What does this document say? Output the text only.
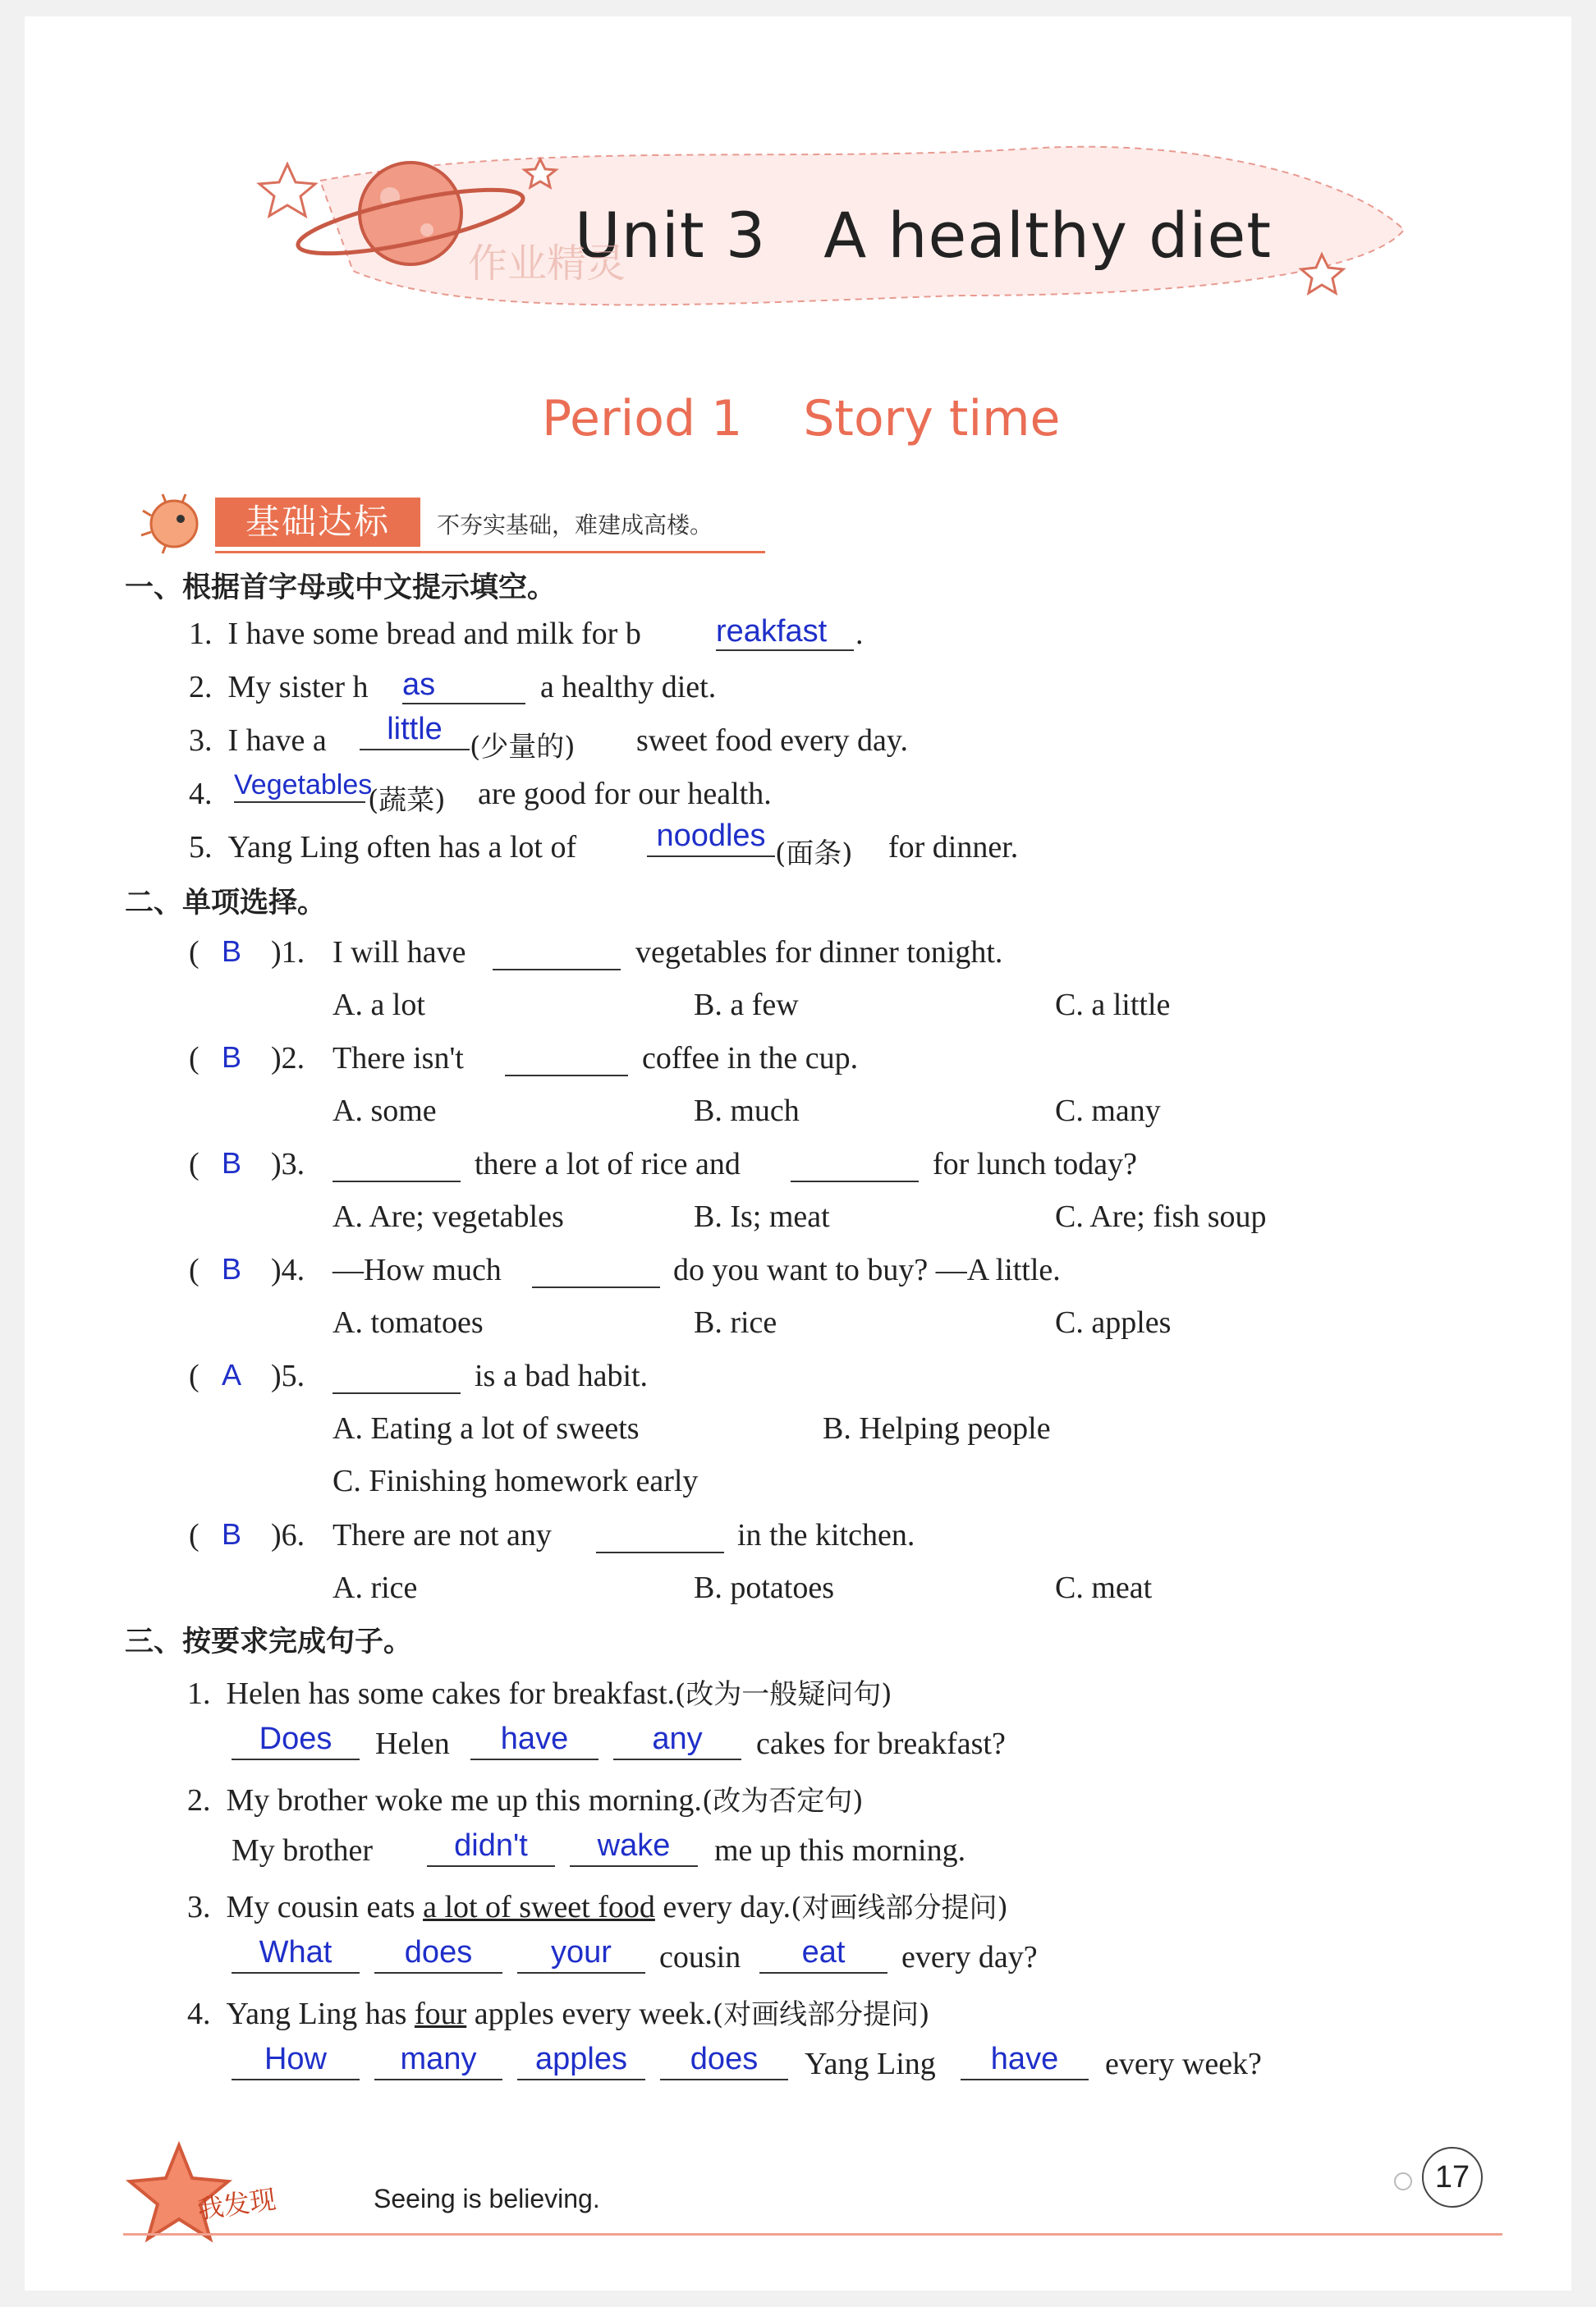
Unit 3 A healthy diet
作业精灵
Period 1 Story time
基础达标	不夯实基础，难建成高楼。
一、根据首字母或中文提示填空。
1. I have some bread and milk for b reakfast .
2. My sister h as	a healthy diet.
3. I have a	little
(少量的) sweet food every day.
4. Vegetables
(蔬菜) are good for our health.
5. Yang Ling often has a lot of	noodles
(面条) for dinner.
二、单项选择。
( B )1. I will have	vegetables for dinner tonight.
A. a lot	B. a few	C. a little
( B )2. There isn't	coffee in the cup.
A. some	B. much	C. many
( B )3.	there a lot of rice and	for lunch today?
A. Are; vegetables	B. Is; meat	C. Are; fish soup
( B )4. —How much	do you want to buy? —A little.
A. tomatoes	B. rice	C. apples
( A )5.	is a bad habit.
A. Eating a lot of sweets	B. Helping people
C. Finishing homework early
( B )6. There are not any	in the kitchen.
A. rice	B. potatoes	C. meat
三、按要求完成句子。
1. Helen has some cakes for breakfast.(改为一般疑问句)
Does	Helen	have	any	cakes for breakfast?
2. My brother woke me up this morning.(改为否定句)
My brother	didn't	wake	me up this morning.
3. My cousin eats a lot of sweet food every day.(对画线部分提问)
What	does	your	cousin	eat	every day?
4. Yang Ling has four apples every week.(对画线部分提问)
How	many	apples	does	Yang Ling	have	every week?
我发现	Seeing is believing.
17
